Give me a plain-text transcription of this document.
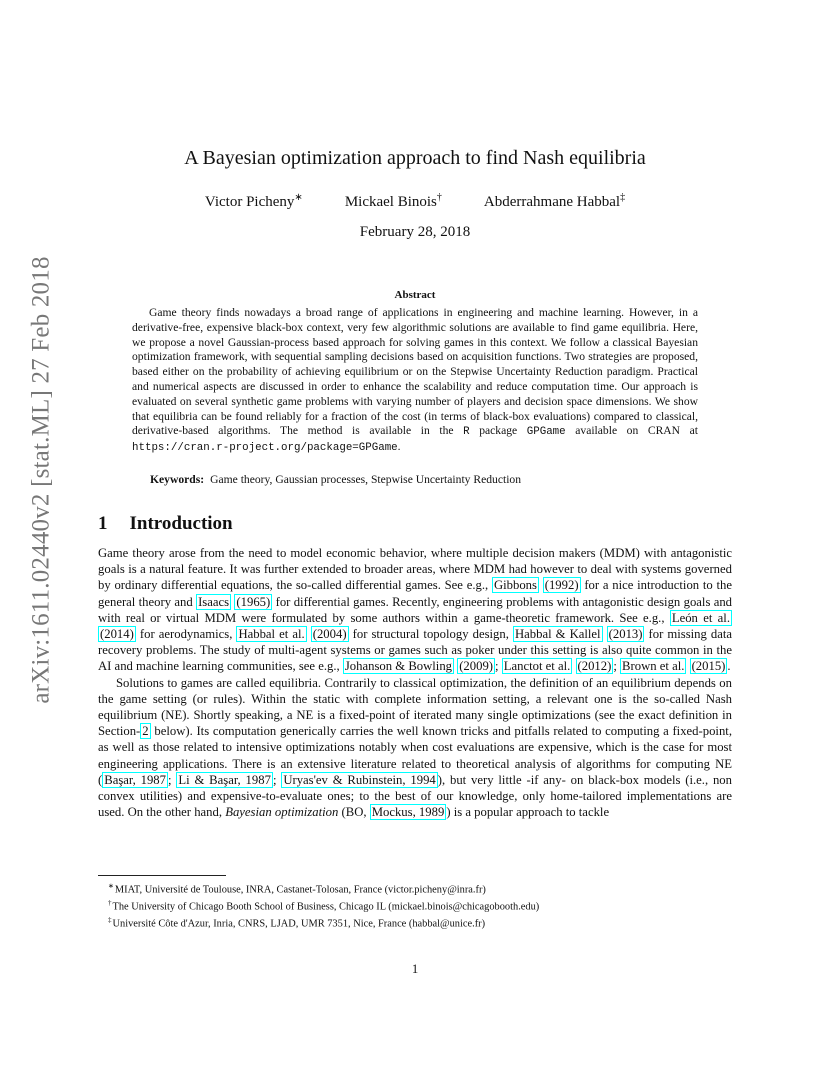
arXiv:1611.02440v2 [stat.ML] 27 Feb 2018
A Bayesian optimization approach to find Nash equilibria
Victor Picheny∗	Mickael Binois†	Abderrahmane Habbal‡
February 28, 2018
Abstract

Game theory finds nowadays a broad range of applications in engineering and machine learning. However, in a derivative-free, expensive black-box context, very few algorithmic solutions are available to find game equilibria. Here, we propose a novel Gaussian-process based approach for solving games in this context. We follow a classical Bayesian optimization framework, with sequential sampling decisions based on acquisition functions. Two strategies are proposed, based either on the probability of achieving equilibrium or on the Stepwise Uncertainty Reduction paradigm. Practical and numerical aspects are discussed in order to enhance the scalability and reduce computation time. Our approach is evaluated on several synthetic game problems with varying number of players and decision space dimensions. We show that equilibria can be found reliably for a fraction of the cost (in terms of black-box evaluations) compared to classical, derivative-based algorithms. The method is available in the R package GPGame available on CRAN at https://cran.r-project.org/package=GPGame.

Keywords: Game theory, Gaussian processes, Stepwise Uncertainty Reduction
1 Introduction

Game theory arose from the need to model economic behavior, where multiple decision makers (MDM) with antagonistic goals is a natural feature. It was further extended to broader areas, where MDM had however to deal with systems governed by ordinary differential equations, the so-called differential games. See e.g., Gibbons (1992) for a nice introduction to the general theory and Isaacs (1965) for differential games. Recently, engineering problems with antagonistic design goals and with real or virtual MDM were formulated by some authors within a game-theoretic framework. See e.g., León et al. (2014) for aerodynamics, Habbal et al. (2004) for structural topology design, Habbal & Kallel (2013) for missing data recovery problems. The study of multi-agent systems or games such as poker under this setting is also quite common in the AI and machine learning communities, see e.g., Johanson & Bowling (2009) ; Lanctot et al. (2012) ; Brown et al. (2015) .

Solutions to games are called equilibria. Contrarily to classical optimization, the definition of an equilibrium depends on the game setting (or rules). Within the static with complete information setting, a relevant one is the so-called Nash equilibrium (NE). Shortly speaking, a NE is a fixed-point of iterated many single optimizations (see the exact definition in Section- 2 below). Its computation generically carries the well known tricks and pitfalls related to computing a fixed-point, as well as those related to intensive optimizations notably when cost evaluations are expensive, which is the case for most engineering applications. There is an extensive literature related to theoretical analysis of algorithms for computing NE ( Başar, 1987 ; Li & Başar, 1987 ; Uryas'ev & Rubinstein, 1994 ), but very little -if any- on black-box models (i.e., non convex utilities) and expensive-to-evaluate ones; to the best of our knowledge, only home-tailored implementations are used. On the other hand, Bayesian optimization (BO, Mockus, 1989 ) is a popular approach to tackle

∗MIAT, Université de Toulouse, INRA, Castanet-Tolosan, France (victor.picheny@inra.fr)
†The University of Chicago Booth School of Business, Chicago IL (mickael.binois@chicagobooth.edu)
‡Université Côte d'Azur, Inria, CNRS, LJAD, UMR 7351, Nice, France (habbal@unice.fr)
1
